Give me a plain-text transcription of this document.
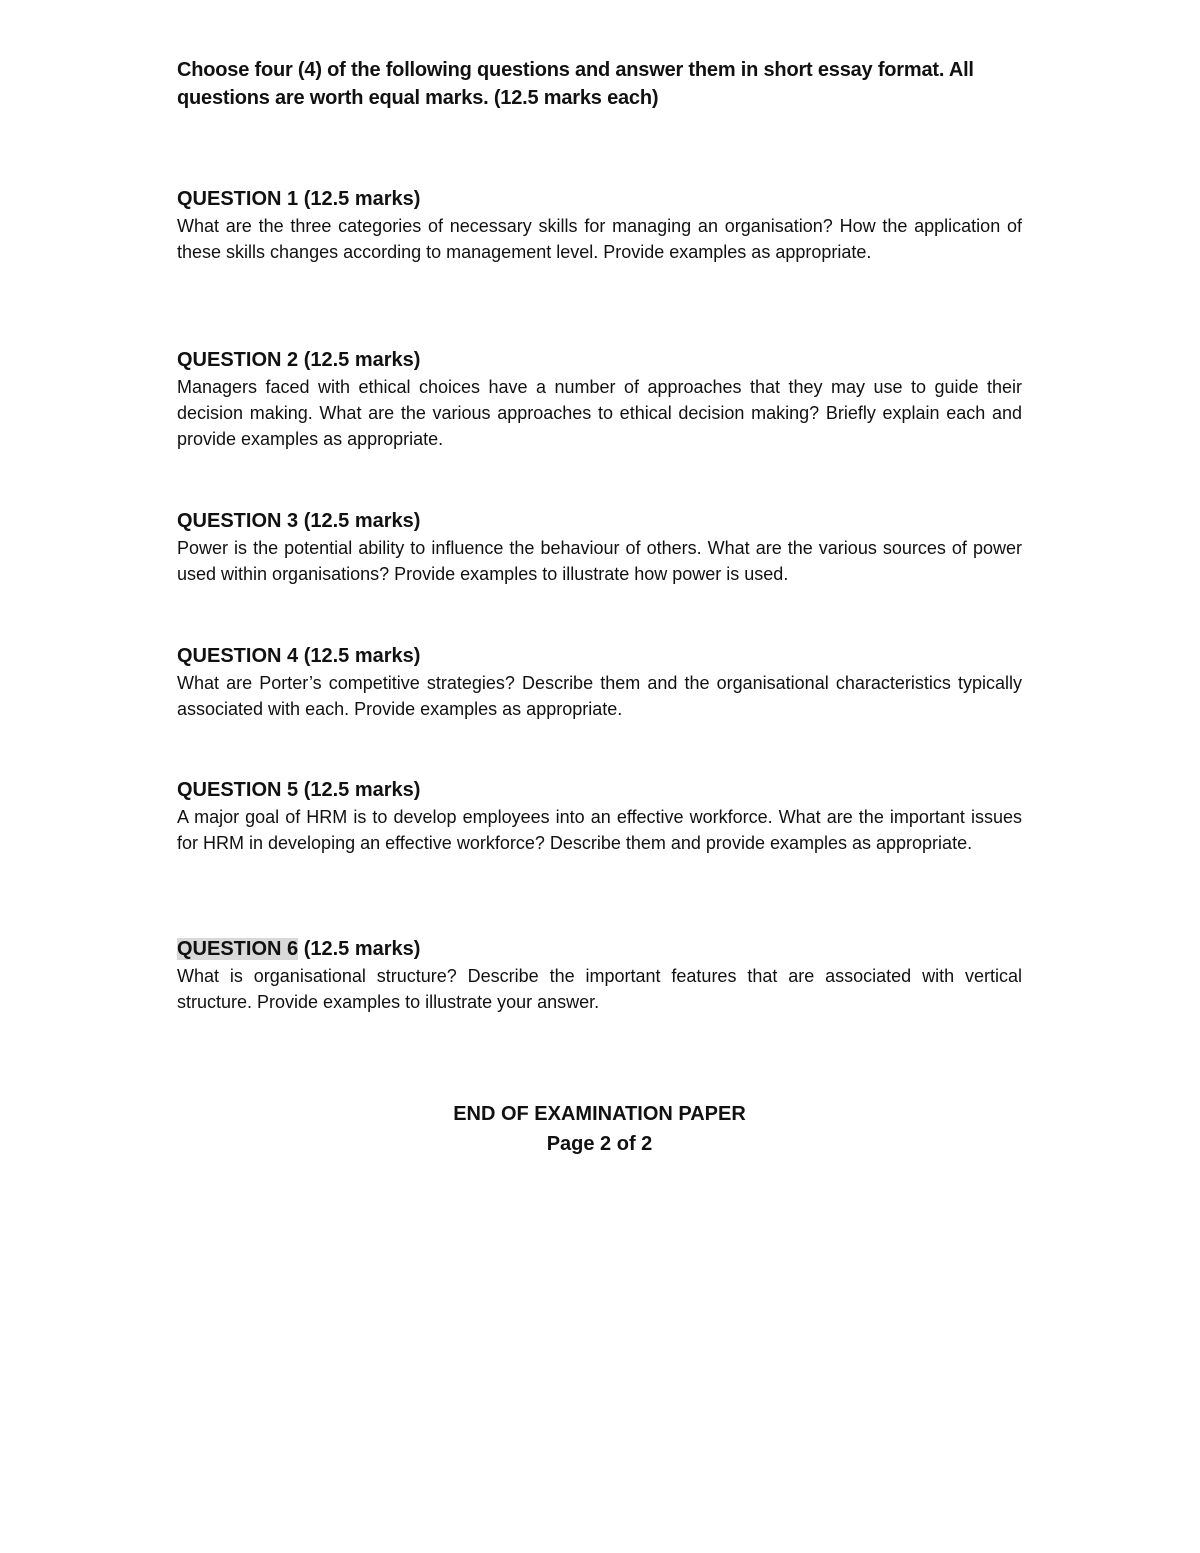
Choose four (4) of the following questions and answer them in short essay format. All questions are worth equal marks. (12.5 marks each)
QUESTION 1 (12.5 marks)

What are the three categories of necessary skills for managing an organisation? How the application of these skills changes according to management level. Provide examples as appropriate.

QUESTION 2 (12.5 marks)

Managers faced with ethical choices have a number of approaches that they may use to guide their decision making. What are the various approaches to ethical decision making? Briefly explain each and provide examples as appropriate.

QUESTION 3 (12.5 marks)

Power is the potential ability to influence the behaviour of others. What are the various sources of power used within organisations? Provide examples to illustrate how power is used.

QUESTION 4 (12.5 marks)

What are Porter’s competitive strategies? Describe them and the organisational characteristics typically associated with each. Provide examples as appropriate.

QUESTION 5 (12.5 marks)

A major goal of HRM is to develop employees into an effective workforce. What are the important issues for HRM in developing an effective workforce? Describe them and provide examples as appropriate.

QUESTION 6 (12.5 marks)

What is organisational structure? Describe the important features that are associated with vertical structure. Provide examples to illustrate your answer.

END OF EXAMINATION PAPER
Page 2 of 2
